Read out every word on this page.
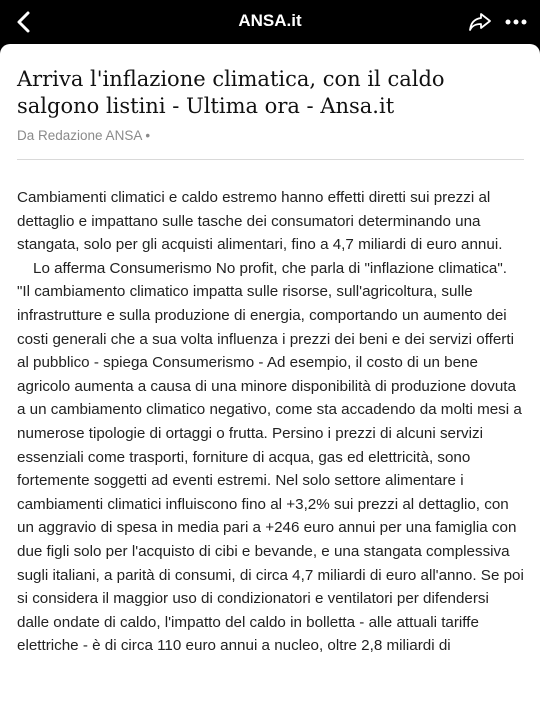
ANSA.it
Arriva l'inflazione climatica, con il caldo salgono listini - Ultima ora - Ansa.it
Da Redazione ANSA •

Cambiamenti climatici e caldo estremo hanno effetti diretti sui prezzi al dettaglio e impattano sulle tasche dei consumatori determinando una stangata, solo per gli acquisti alimentari, fino a 4,7 miliardi di euro annui.

Lo afferma Consumerismo No profit, che parla di "inflazione climatica". "Il cambiamento climatico impatta sulle risorse, sull'agricoltura, sulle infrastrutture e sulla produzione di energia, comportando un aumento dei costi generali che a sua volta influenza i prezzi dei beni e dei servizi offerti al pubblico - spiega Consumerismo - Ad esempio, il costo di un bene agricolo aumenta a causa di una minore disponibilità di produzione dovuta a un cambiamento climatico negativo, come sta accadendo da molti mesi a numerose tipologie di ortaggi o frutta. Persino i prezzi di alcuni servizi essenziali come trasporti, forniture di acqua, gas ed elettricità, sono fortemente soggetti ad eventi estremi. Nel solo settore alimentare i cambiamenti climatici influiscono fino al +3,2% sui prezzi al dettaglio, con un aggravio di spesa in media pari a +246 euro annui per una famiglia con due figli solo per l'acquisto di cibi e bevande, e una stangata complessiva sugli italiani, a parità di consumi, di circa 4,7 miliardi di euro all'anno. Se poi si considera il maggior uso di condizionatori e ventilatori per difendersi dalle ondate di caldo, l'impatto del caldo in bolletta - alle attuali tariffe elettriche - è di circa 110 euro annui a nucleo, oltre 2,8 miliardi di
